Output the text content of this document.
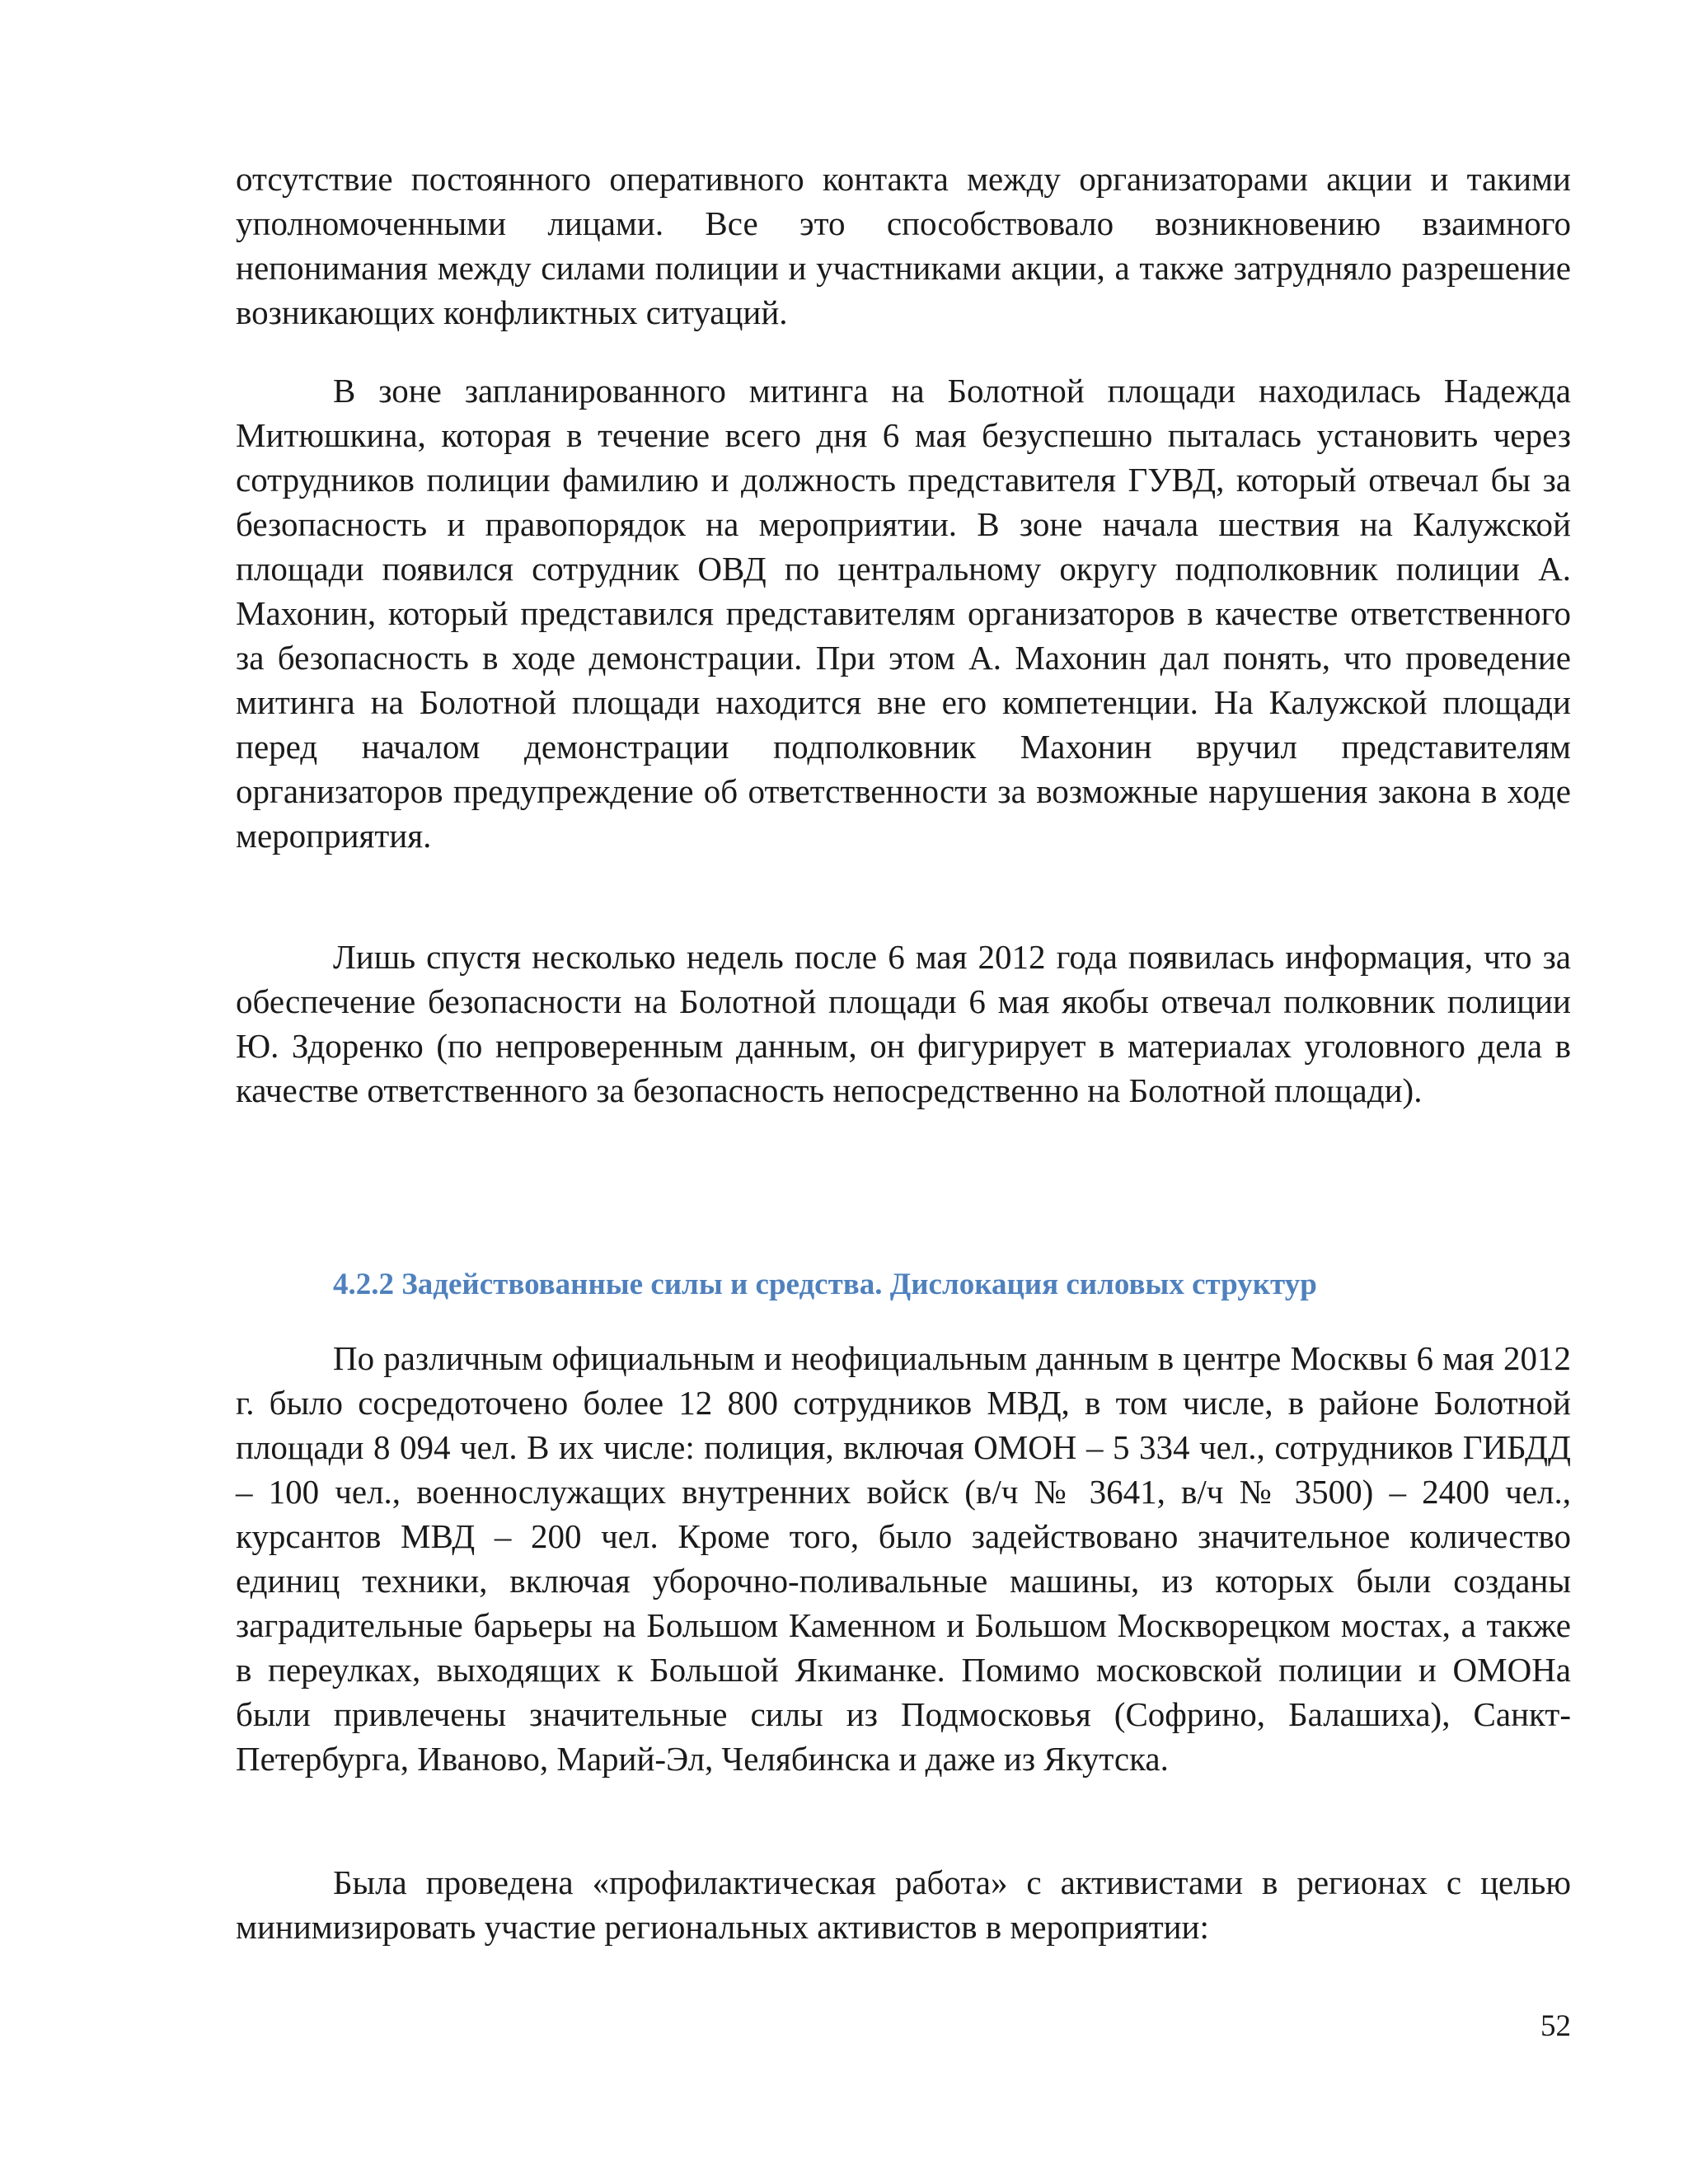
отсутствие постоянного оперативного контакта между организаторами акции и такими уполномоченными лицами. Все это способствовало возникновению взаимного непонимания между силами полиции и участниками акции, а также затрудняло разрешение возникающих конфликтных ситуаций.

В зоне запланированного митинга на Болотной площади находилась Надежда Митюшкина, которая в течение всего дня 6 мая безуспешно пыталась установить через сотрудников полиции фамилию и должность представителя ГУВД, который отвечал бы за безопасность и правопорядок на мероприятии. В зоне начала шествия на Калужской площади появился сотрудник ОВД по центральному округу подполковник полиции А. Махонин, который представился представителям организаторов в качестве ответственного за безопасность в ходе демонстрации. При этом А. Махонин дал понять, что проведение митинга на Болотной площади находится вне его компетенции. На Калужской площади перед началом демонстрации подполковник Махонин вручил представителям организаторов предупреждение об ответственности за возможные нарушения закона в ходе мероприятия.

Лишь спустя несколько недель после 6 мая 2012 года появилась информация, что за обеспечение безопасности на Болотной площади 6 мая якобы отвечал полковник полиции Ю. Здоренко (по непроверенным данным, он фигурирует в материалах уголовного дела в качестве ответственного за безопасность непосредственно на Болотной площади).

4.2.2 Задействованные силы и средства. Дислокация силовых структур

По различным официальным и неофициальным данным в центре Москвы 6 мая 2012 г. было сосредоточено более 12 800 сотрудников МВД, в том числе, в районе Болотной площади 8 094 чел. В их числе: полиция, включая ОМОН – 5 334 чел., сотрудников ГИБДД – 100 чел., военнослужащих внутренних войск (в/ч № 3641, в/ч № 3500) – 2400 чел., курсантов МВД – 200 чел. Кроме того, было задействовано значительное количество единиц техники, включая уборочно-поливальные машины, из которых были созданы заградительные барьеры на Большом Каменном и Большом Москворецком мостах, а также в переулках, выходящих к Большой Якиманке. Помимо московской полиции и ОМОНа были привлечены значительные силы из Подмосковья (Софрино, Балашиха), Санкт-Петербурга, Иваново, Марий-Эл, Челябинска и даже из Якутска.

Была проведена «профилактическая работа» с активистами в регионах с целью минимизировать участие региональных активистов в мероприятии:

52
